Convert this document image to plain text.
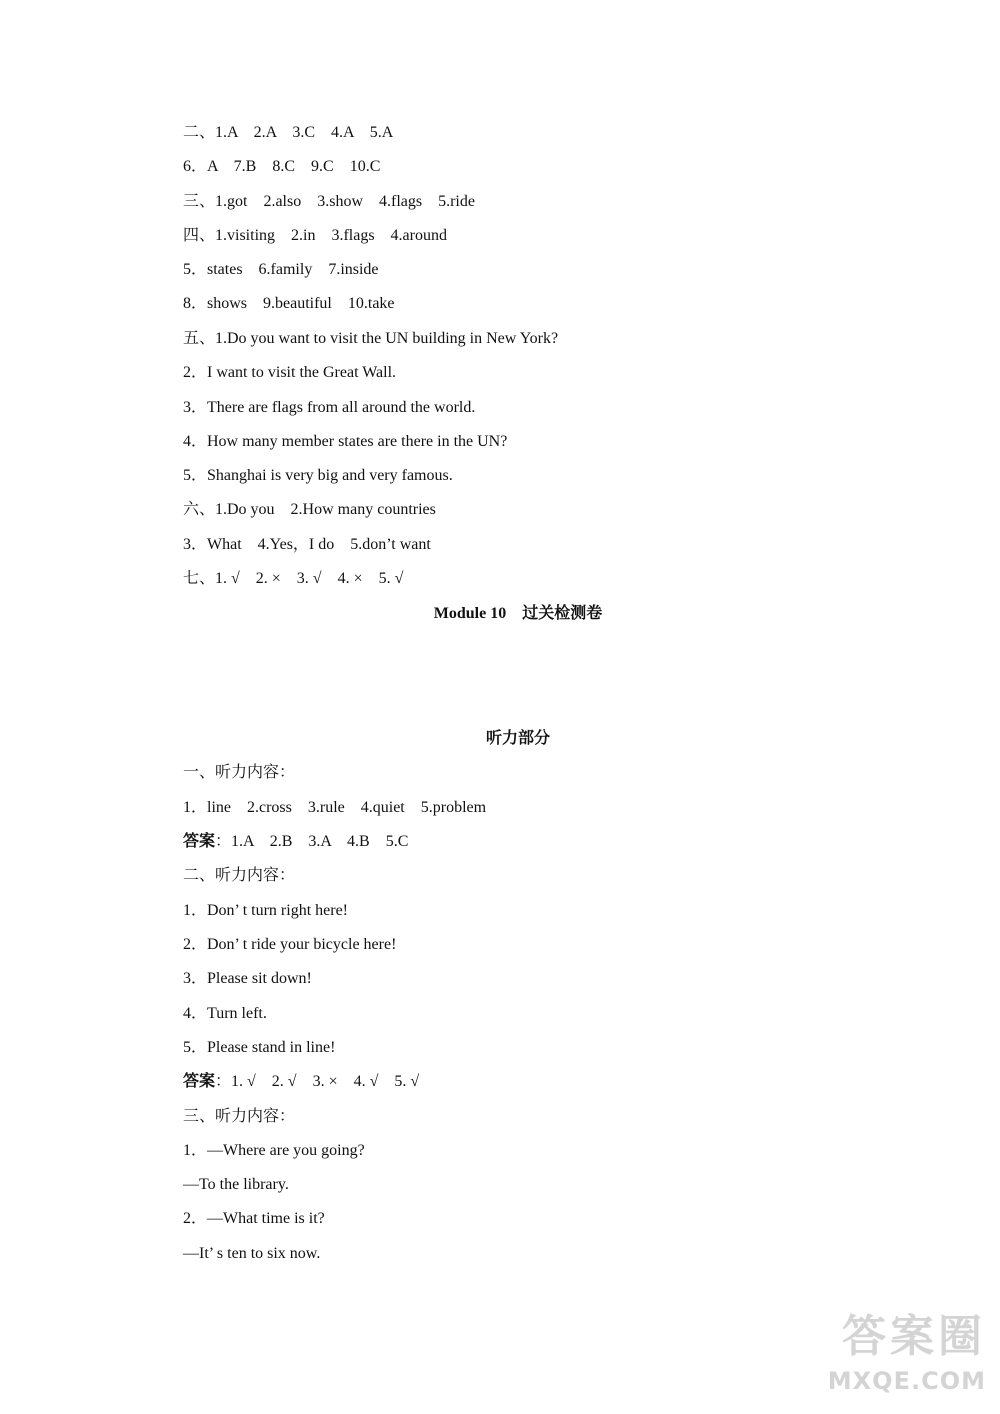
二、1.A    2.A    3.C    4.A    5.A
6．A    7.B    8.C    9.C    10.C
三、1.got    2.also    3.show    4.flags    5.ride
四、1.visiting    2.in    3.flags    4.around
5．states    6.family    7.inside
8．shows    9.beautiful    10.take
五、1.Do you want to visit the UN building in New York?
2．I want to visit the Great Wall.
3．There are flags from all around the world.
4．How many member states are there in the UN?
5．Shanghai is very big and very famous.
六、1.Do you    2.How many countries
3．What    4.Yes，I do    5.don’t want
七、1. √    2. ×    3. √    4. ×    5. √
Module 10    过关检测卷
听力部分
一、听力内容：
1．line    2.cross    3.rule    4.quiet    5.problem
答案：1.A    2.B    3.A    4.B    5.C
二、听力内容：
1．Don’ t turn right here!
2．Don’ t ride your bicycle here!
3．Please sit down!
4．Turn left.
5．Please stand in line!
答案：1. √    2. √    3. ×    4. √    5. √
三、听力内容：
1．—Where are you going?
—To the library.
2．—What time is it?
—It’ s ten to six now.
答案圈
MXQE.COM
